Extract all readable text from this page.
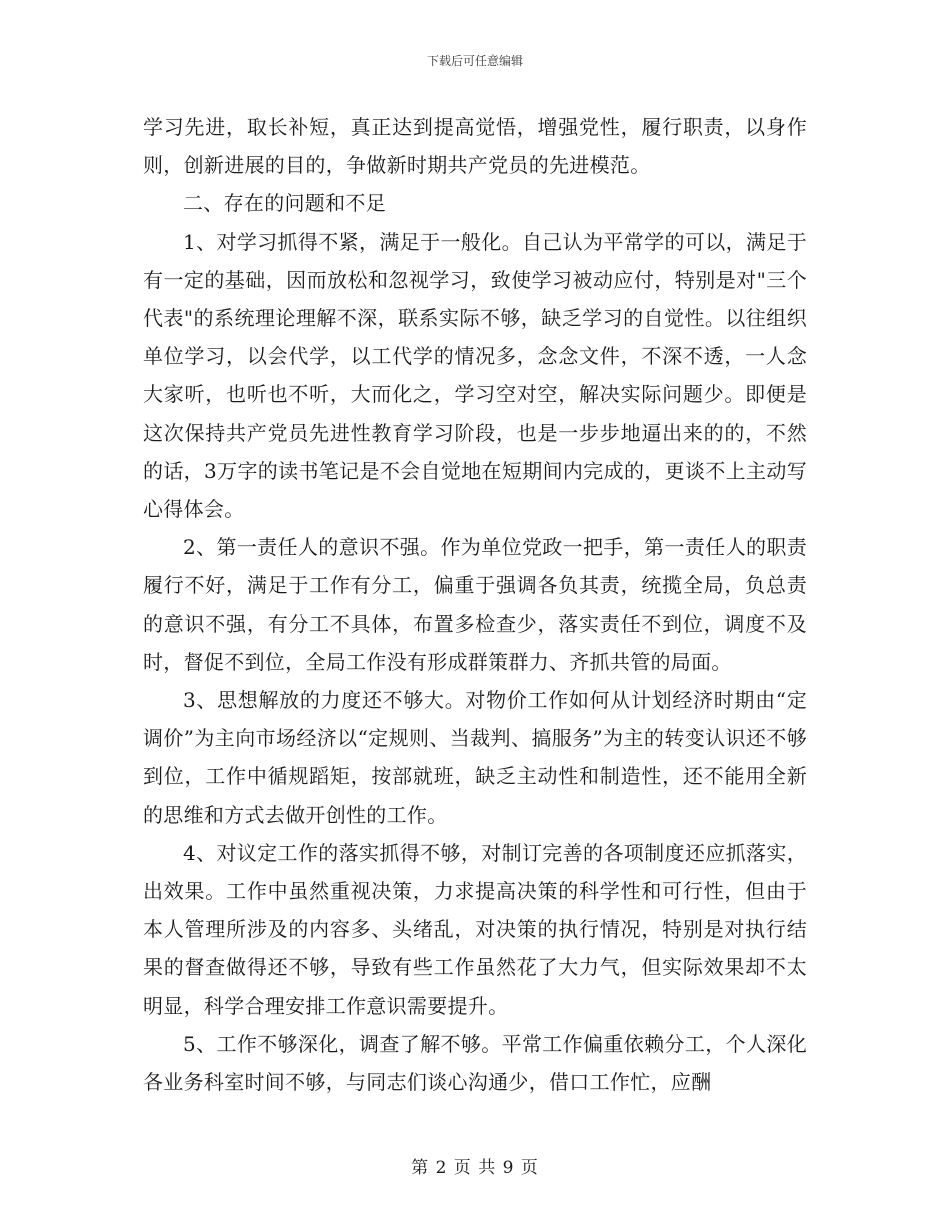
下载后可任意编辑

学习先进，取长补短，真正达到提高觉悟，增强党性，履行职责，以身作则，创新进展的目的，争做新时期共产党员的先进模范。

二、存在的问题和不足

1、对学习抓得不紧，满足于一般化。自己认为平常学的可以，满足于有一定的基础，因而放松和忽视学习，致使学习被动应付，特别是对"三个代表"的系统理论理解不深，联系实际不够，缺乏学习的自觉性。以往组织单位学习，以会代学，以工代学的情况多，念念文件，不深不透，一人念大家听，也听也不听，大而化之，学习空对空，解决实际问题少。即便是这次保持共产党员先进性教育学习阶段，也是一步步地逼出来的的，不然的话，3万字的读书笔记是不会自觉地在短期间内完成的，更谈不上主动写心得体会。

2、第一责任人的意识不强。作为单位党政一把手，第一责任人的职责履行不好，满足于工作有分工，偏重于强调各负其责，统揽全局，负总责的意识不强，有分工不具体，布置多检查少，落实责任不到位，调度不及时，督促不到位，全局工作没有形成群策群力、齐抓共管的局面。

3、思想解放的力度还不够大。对物价工作如何从计划经济时期由“定调价”为主向市场经济以“定规则、当裁判、搞服务”为主的转变认识还不够到位，工作中循规蹈矩，按部就班，缺乏主动性和制造性，还不能用全新的思维和方式去做开创性的工作。

4、对议定工作的落实抓得不够，对制订完善的各项制度还应抓落实，出效果。工作中虽然重视决策，力求提高决策的科学性和可行性，但由于本人管理所涉及的内容多、头绪乱，对决策的执行情况，特别是对执行结果的督查做得还不够，导致有些工作虽然花了大力气，但实际效果却不太明显，科学合理安排工作意识需要提升。

5、工作不够深化，调查了解不够。平常工作偏重依赖分工，个人深化各业务科室时间不够，与同志们谈心沟通少，借口工作忙，应酬

第 2 页 共 9 页
